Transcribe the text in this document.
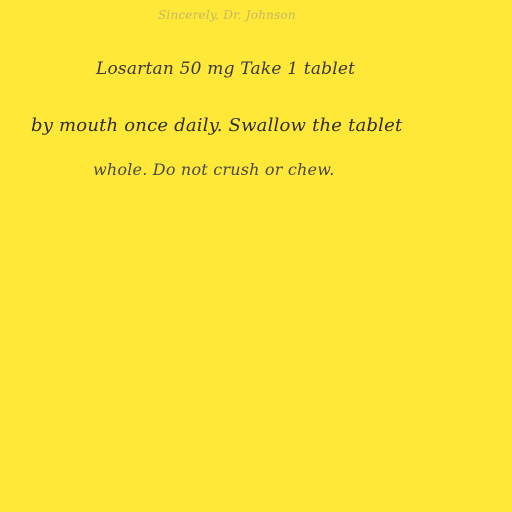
Sincerely, Dr. Johnson
Losartan 50 mg Take 1 tablet
by mouth once daily. Swallow the tablet
whole. Do not crush or chew.
